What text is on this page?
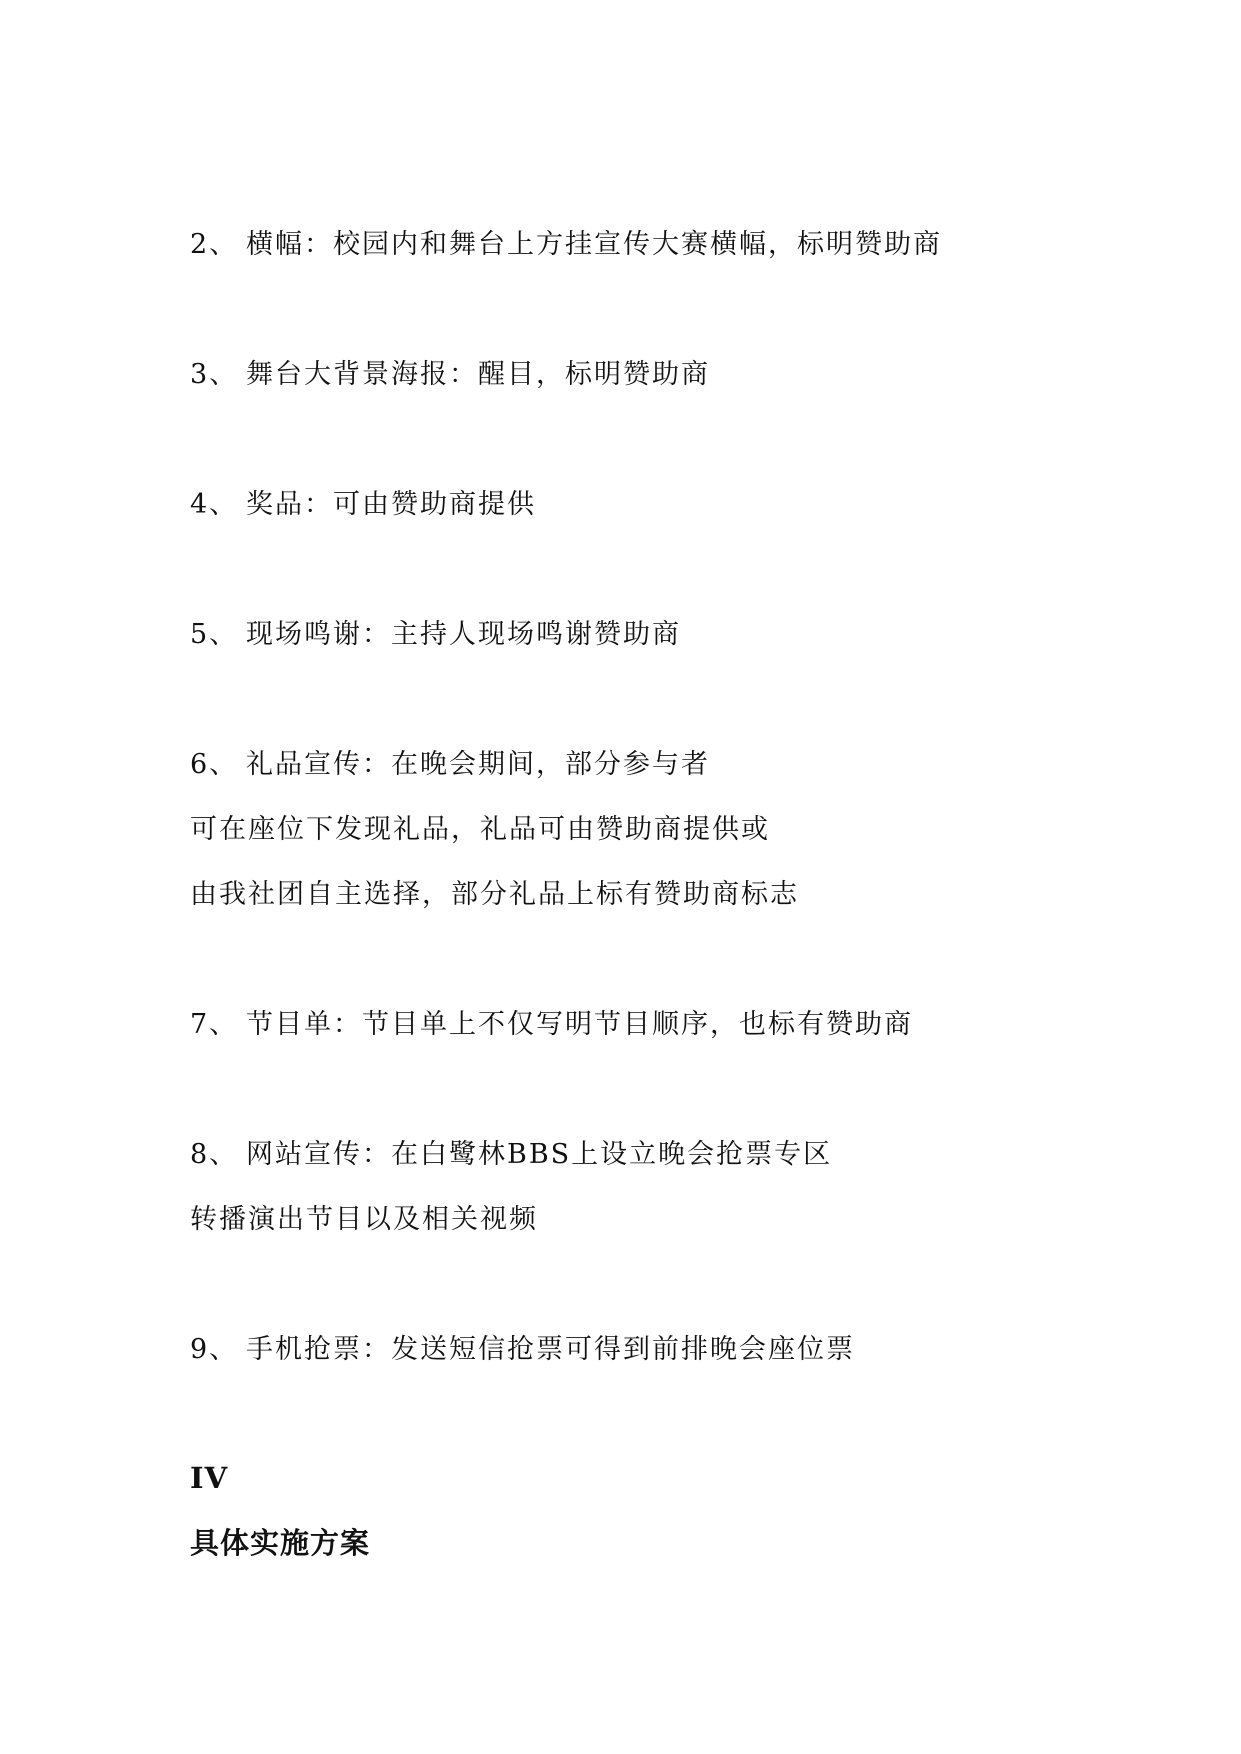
2、 横幅：校园内和舞台上方挂宣传大赛横幅，标明赞助商
3、 舞台大背景海报：醒目，标明赞助商
4、 奖品：可由赞助商提供
5、 现场鸣谢：主持人现场鸣谢赞助商
6、 礼品宣传：在晚会期间，部分参与者
可在座位下发现礼品，礼品可由赞助商提供或
由我社团自主选择，部分礼品上标有赞助商标志
7、 节目单：节目单上不仅写明节目顺序，也标有赞助商
8、 网站宣传：在白鹭林BBS上设立晚会抢票专区
转播演出节目以及相关视频
9、 手机抢票：发送短信抢票可得到前排晚会座位票
IV
具体实施方案
